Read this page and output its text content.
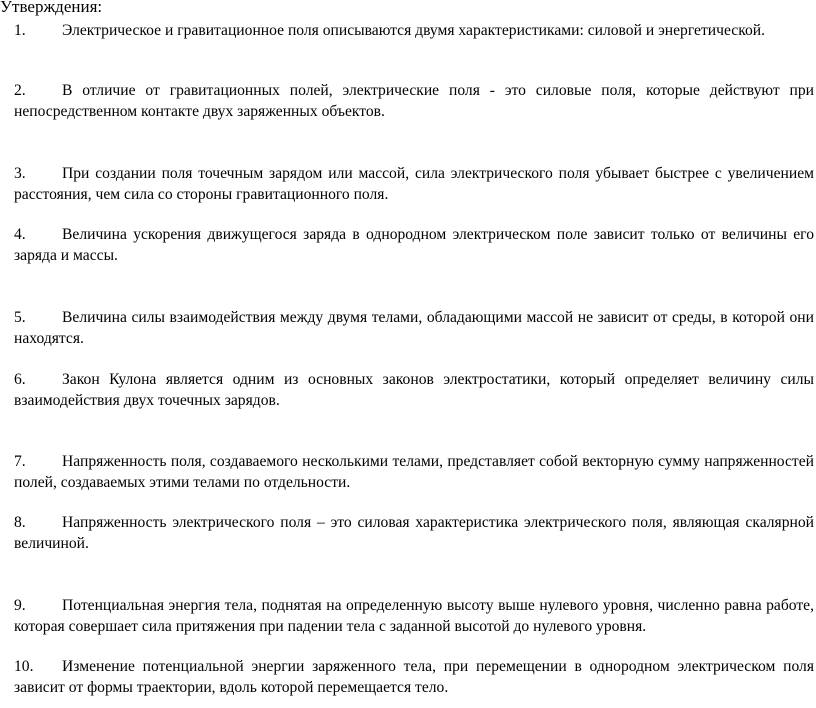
Утверждения:
1. Электрическое и гравитационное поля описываются двумя характеристиками: силовой и энергетической.
2. В отличие от гравитационных полей, электрические поля - это силовые поля, которые действуют при непосредственном контакте двух заряженных объектов.
3. При создании поля точечным зарядом или массой, сила электрического поля убывает быстрее с увеличением расстояния, чем сила со стороны гравитационного поля.
4. Величина ускорения движущегося заряда в однородном электрическом поле зависит только от величины его заряда и массы.
5. Величина силы взаимодействия между двумя телами, обладающими массой не зависит от среды, в которой они находятся.
6. Закон Кулона является одним из основных законов электростатики, который определяет величину силы взаимодействия двух точечных зарядов.
7. Напряженность поля, создаваемого несколькими телами, представляет собой векторную сумму напряженностей полей, создаваемых этими телами по отдельности.
8. Напряженность электрического поля – это силовая характеристика электрического поля, являющая скалярной величиной.
9. Потенциальная энергия тела, поднятая на определенную высоту выше нулевого уровня, численно равна работе, которая совершает сила притяжения при падении тела с заданной высотой до нулевого уровня.
10. Изменение потенциальной энергии заряженного тела, при перемещении в однородном электрическом поля зависит от формы траектории, вдоль которой перемещается тело.
